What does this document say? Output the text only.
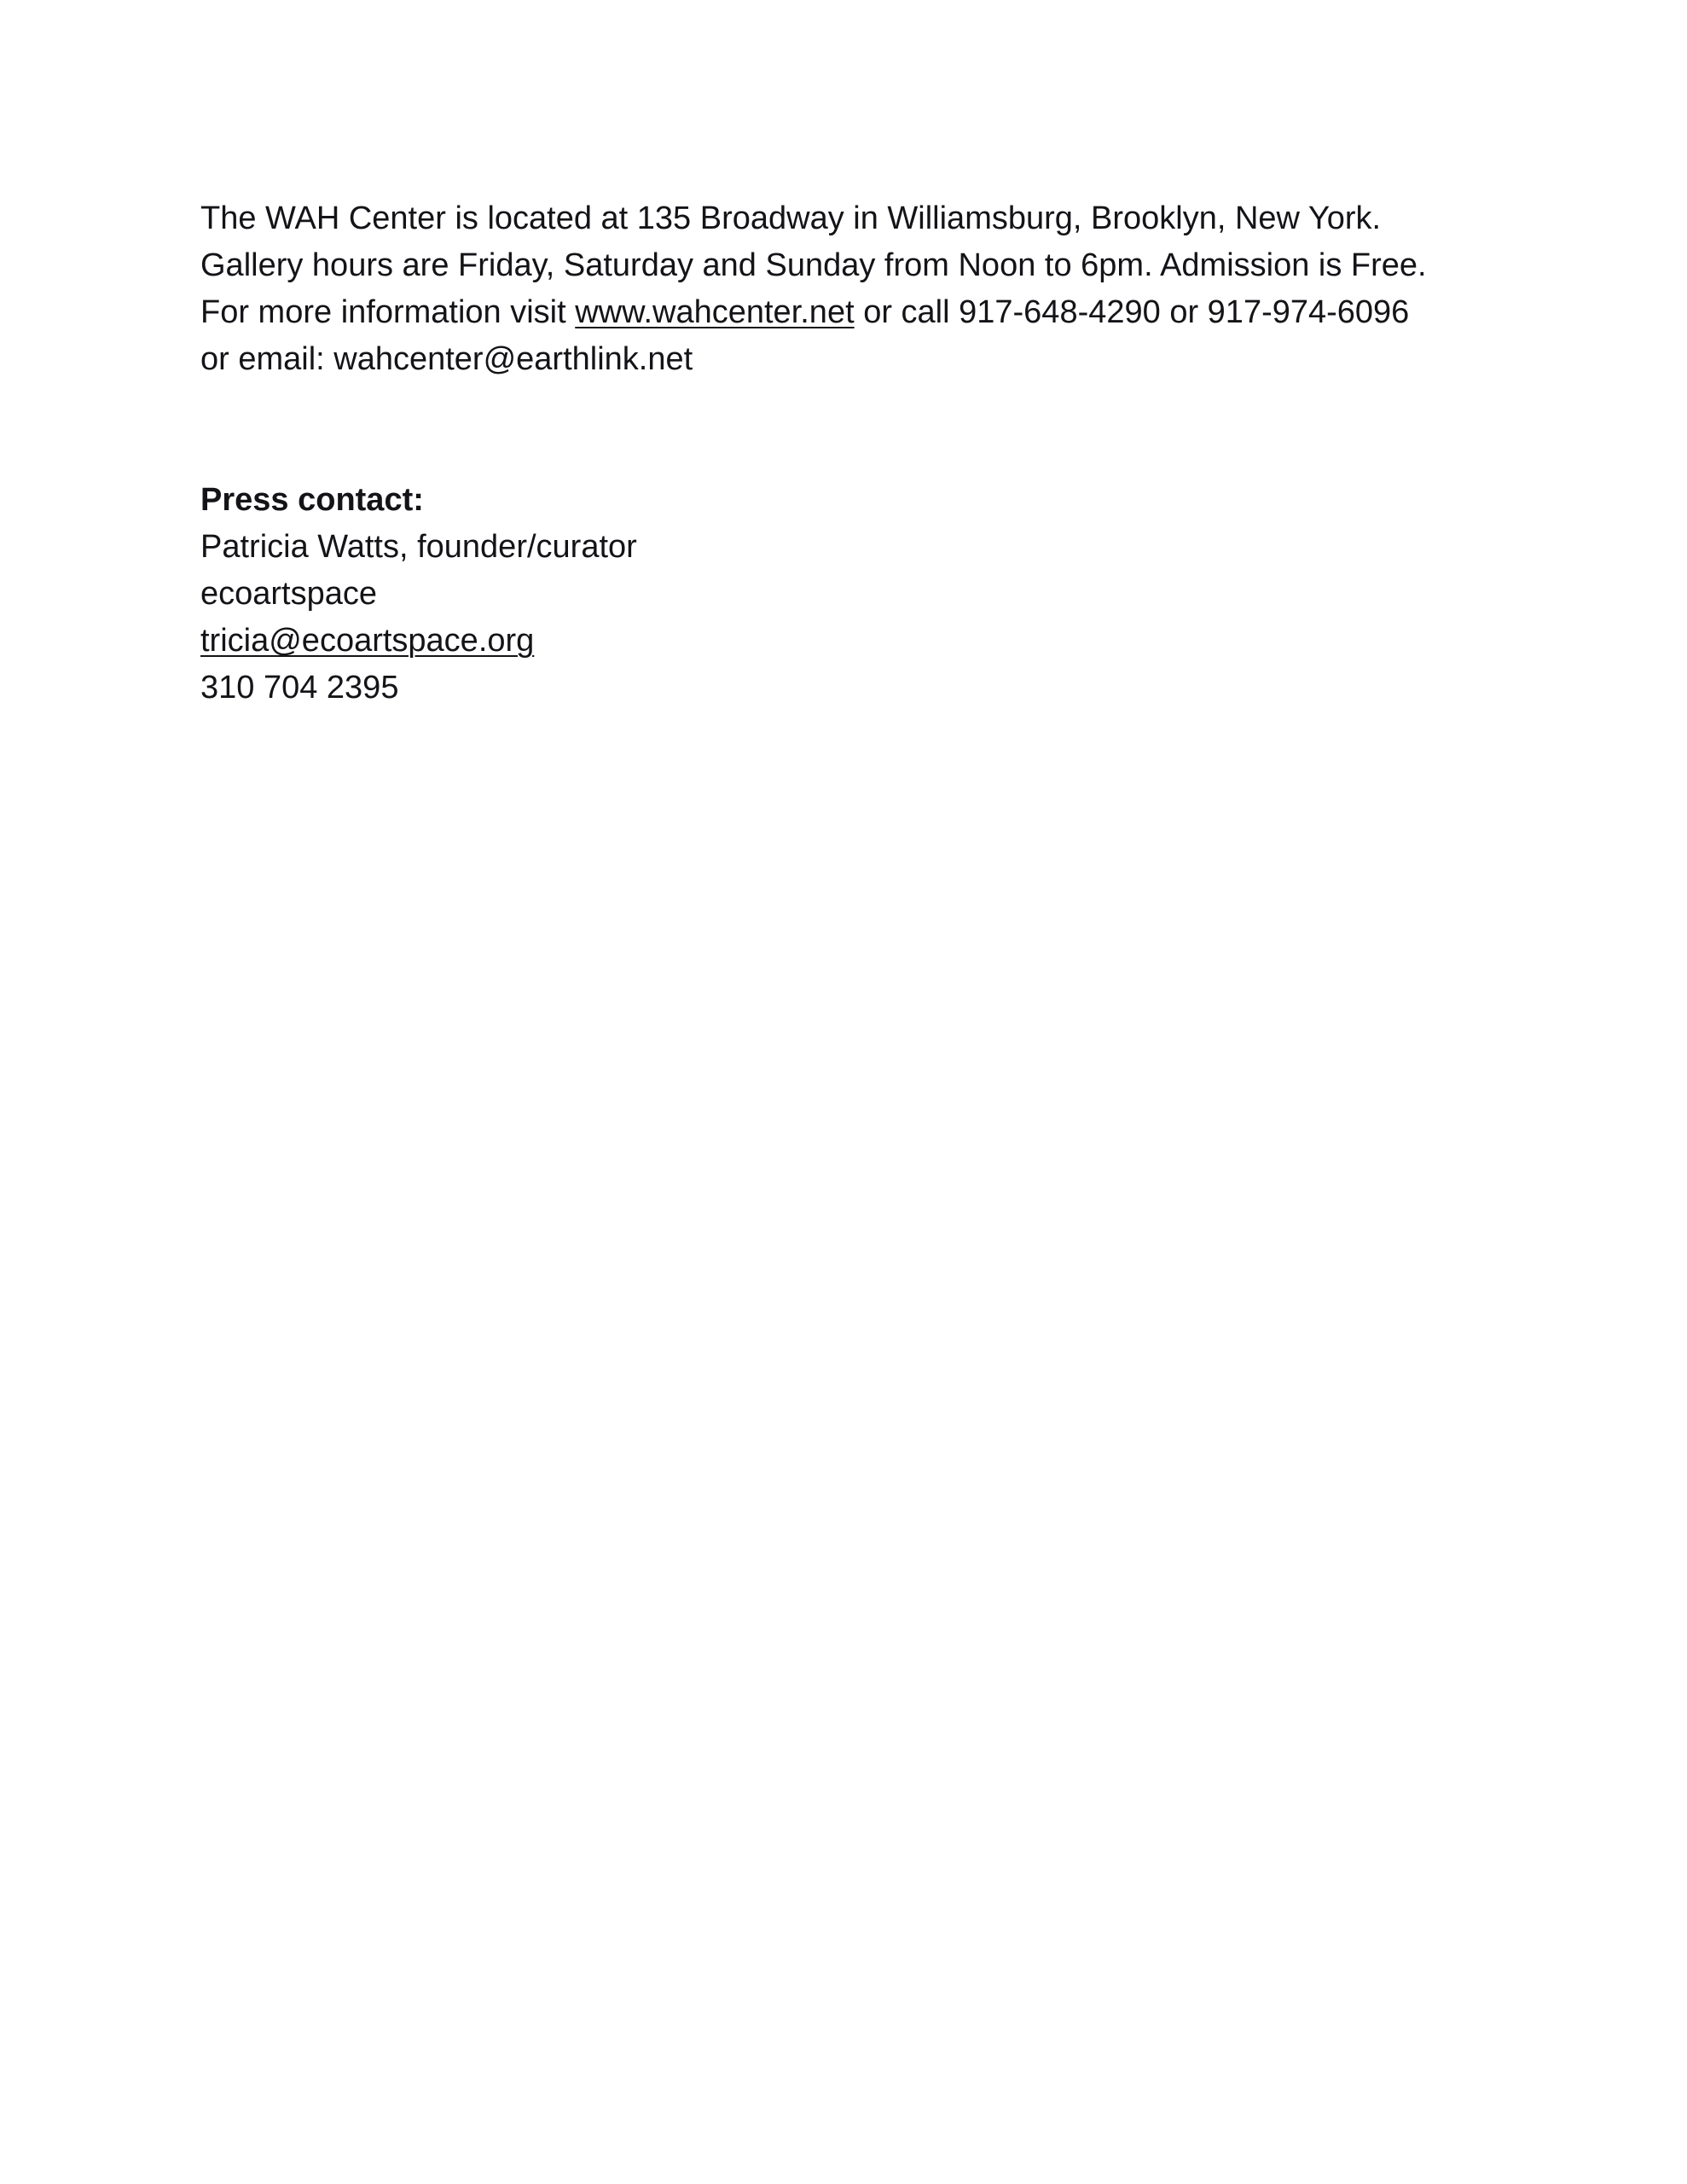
The WAH Center is located at 135 Broadway in Williamsburg, Brooklyn, New York.
Gallery hours are Friday, Saturday and Sunday from Noon to 6pm. Admission is Free.
For more information visit www.wahcenter.net or call 917-648-4290 or 917-974-6096
or email: wahcenter@earthlink.net
Press contact:
Patricia Watts, founder/curator
ecoartspace
tricia@ecoartspace.org
310 704 2395
